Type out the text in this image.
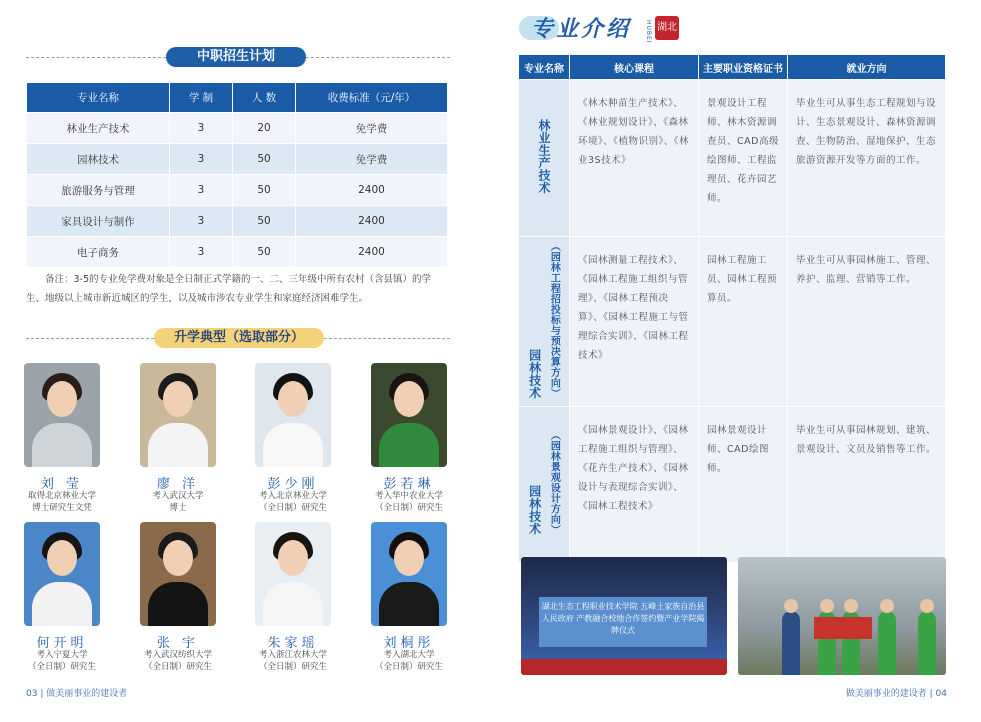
中职招生计划
专业名称	学 制	人 数	收费标准（元/年）
林业生产技术	3	20	免学费
园林技术	3	50	免学费
旅游服务与管理	3	50	2400
家具设计与制作	3	50	2400
电子商务	3	50	2400
备注：3-5的专业免学费对象是全日制正式学籍的一、二、三年级中所有农村（含县镇）的学生、地级以上城市新近城区的学生，以及城市涉农专业学生和家庭经济困难学生。
升学典型（选取部分）
刘 莹
取得北京林业大学
博士研究生文凭
廖 洋
考入武汉大学
博士
彭少刚
考入北京林业大学
（全日制）研究生
彭若琳
考入华中农业大学
（全日制）研究生
何开明
考入宁夏大学
（全日制）研究生
张 宇
考入武汉纺织大学
（全日制）研究生
朱家瑶
考入浙江农林大学
（全日制）研究生
刘桐彤
考入湖北大学
（全日制）研究生
03 | 做美丽事业的建设者
专业介绍 HUBEI 湖北
专业名称	核心课程	主要职业资格证书	就业方向
林业生产技术	《林木种苗生产技术》、《林业规划设计》、《森林环境》、《植物识别》、《林业3S技术》	景观设计工程师、林木资源调查员、CAD高级绘图师、工程监理员、花卉园艺师。	毕业生可从事生态工程规划与设计、生态景观设计、森林资源调查、生物防治、湿地保护、生态旅游资源开发等方面的工作。
园林技术 （园林工程招投标与预决算方向）	《园林测量工程技术》、《园林工程施工组织与管理》、《园林工程预决算》、《园林工程施工与管理综合实训》、《园林工程技术》	园林工程施工员、园林工程预算员。	毕业生可从事园林施工、管理、养护、监理、营销等工作。
园林技术 （园林景观设计方向）	《园林景观设计》、《园林工程施工组织与管理》、《花卉生产技术》、《园林设计与表现综合实训》、《园林工程技术》	园林景观设计师、CAD绘图师。	毕业生可从事园林规划、建筑、景观设计、文员及销售等工作。
湖北生态工程职业技术学院 五峰土家族自治县人民政府 产教融合校地合作签约暨产业学院揭牌仪式
做美丽事业的建设者 | 04
